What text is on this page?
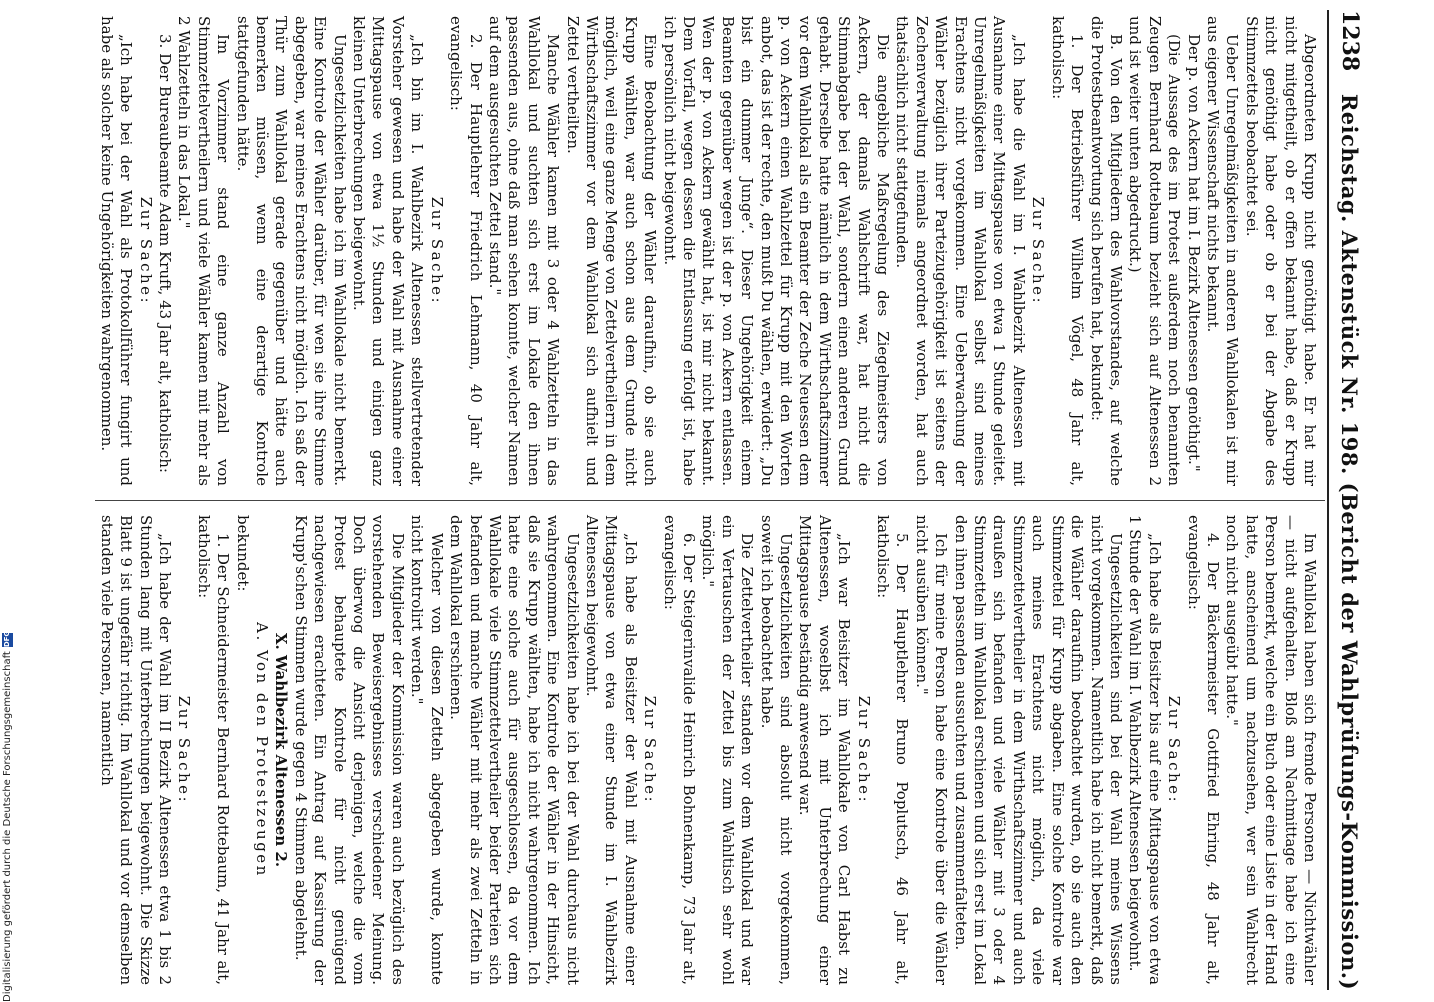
1238
Reichstag. Aktenstück Nr. 198. (Bericht der Wahlprüfungs-Kommission.)

Abgeordneten Krupp nicht genöthigt habe. Er hat mir nicht mitgetheilt, ob er offen bekannt habe, daß er Krupp nicht genöthigt habe oder ob er bei der Abgabe des Stimmzettels beobachtet sei.

Ueber Unregelmäßigkeiten in anderen Wahllokalen ist mir aus eigener Wissenschaft nichts bekannt.

Der p. von Ackern hat im I. Bezirk Altenessen genöthigt."

(Die Aussage des im Protest außerdem noch benannten Zeugen Bernhard Rottebaum bezieht sich auf Altenessen 2 und ist weiter unten abgedruckt.)

B. Von den Mitgliedern des Wahlvorstandes, auf welche die Protestbeantwortung sich berufen hat, bekundet:

1. Der Betriebsführer Wilhelm Vögel, 48 Jahr alt, katholisch:

Zur Sache:

„Ich habe die Wahl im I. Wahlbezirk Altenessen mit Ausnahme einer Mittagspause von etwa 1 Stunde geleitet. Unregelmäßigkeiten im Wahllokal selbst sind meines Erachtens nicht vorgekommen. Eine Ueberwachung der Wähler bezüglich ihrer Parteizugehörigkeit ist seitens der Zechenverwaltung niemals angeordnet worden, hat auch thatsächlich nicht stattgefunden.

Die angebliche Maßregelung des Ziegelmeisters von Ackern, der damals Wahlschrift war, hat nicht die Stimmabgabe bei der Wahl, sondern einen anderen Grund gehabt. Derselbe hatte nämlich in dem Wirthschaftszimmer vor dem Wahllokal als ein Beamter der Zeche Neuessen dem p. von Ackern einen Wahlzettel für Krupp mit den Worten anbot, das ist der rechte, den mußt Du wählen, erwidert: „Du bist ein dummer Junge“. Dieser Ungehörigkeit einem Beamten gegenüber wegen ist der p. von Ackern entlassen. Wen der p. von Ackern gewählt hat, ist mir nicht bekannt. Dem Vorfall, wegen dessen die Entlassung erfolgt ist, habe ich persönlich nicht beigewohnt.

Eine Beobachtung der Wähler daraufhin, ob sie auch Krupp wählten, war auch schon aus dem Grunde nicht möglich, weil eine ganze Menge von Zettelvertheilern in dem Wirthschaftszimmer vor dem Wahllokal sich aufhielt und Zettel vertheilten.

Manche Wähler kamen mit 3 oder 4 Wahlzetteln in das Wahllokal und suchten sich erst im Lokale den ihnen passenden aus, ohne daß man sehen konnte, welcher Namen auf dem ausgesuchten Zettel stand."

2. Der Hauptlehrer Friedrich Lehmann, 40 Jahr alt, evangelisch:

Zur Sache:

„Ich bin im I. Wahlbezirk Altenessen stellvertretender Vorsteher gewesen und habe der Wahl mit Ausnahme einer Mittagspause von etwa 1½ Stunden und einigen ganz kleinen Unterbrechungen beigewohnt.

Ungesetzlichkeiten habe ich im Wahllokale nicht bemerkt. Eine Kontrole der Wähler darüber, für wen sie ihre Stimme abgegeben, war meines Erachtens nicht möglich. Ich saß der Thür zum Wahllokal gerade gegenüber und hätte auch bemerken müssen, wenn eine derartige Kontrole stattgefunden hätte.

Im Vorzimmer stand eine ganze Anzahl von Stimmzettelvertheilern und viele Wähler kamen mit mehr als 2 Wahlzetteln in das Lokal."

3. Der Bureaubeamte Adam Kruft, 43 Jahr alt, katholisch:

Zur Sache:

„Ich habe bei der Wahl als Protokollführer fungirt und habe als solcher keine Ungehörigkeiten wahrgenommen.

Im Wahllokal haben sich fremde Personen — Nichtwähler — nicht aufgehalten. Bloß am Nachmittage habe ich eine Person bemerkt, welche ein Buch oder eine Liste in der Hand hatte, anscheinend um nachzusehen, wer sein Wahlrecht noch nicht ausgeübt hatte."

4. Der Bäckermeister Gottfried Ehring, 48 Jahr alt, evangelisch:

Zur Sache:

„Ich habe als Beisitzer bis auf eine Mittagspause von etwa 1 Stunde der Wahl im I. Wahlbezirk Altenessen beigewohnt.

Ungesetzlichkeiten sind bei der Wahl meines Wissens nicht vorgekommen. Namentlich habe ich nicht bemerkt, daß die Wähler daraufhin beobachtet wurden, ob sie auch den Stimmzettel für Krupp abgaben. Eine solche Kontrole war auch meines Erachtens nicht möglich, da viele Stimmzettelvertheiler in dem Wirthschaftszimmer und auch draußen sich befanden und viele Wähler mit 3 oder 4 Stimmzetteln im Wahllokal erschienen und sich erst im Lokal den ihnen passenden aussuchten und zusammenfalteten.

Ich für meine Person habe eine Kontrole über die Wähler nicht ausüben können."

5. Der Hauptlehrer Bruno Poplutsch, 46 Jahr alt, katholisch:

Zur Sache:

„Ich war Beisitzer im Wahllokale von Carl Habst zu Altenessen, woselbst ich mit Unterbrechung einer Mittagspause beständig anwesend war.

Ungesetzlichkeiten sind absolut nicht vorgekommen, soweit ich beobachtet habe.

Die Zettelvertheiler standen vor dem Wahllokal und war ein Vertauschen der Zettel bis zum Wahltisch sehr wohl möglich."

6. Der Steigerinvalide Heinrich Bohnenkamp, 73 Jahr alt, evangelisch:

Zur Sache:

„Ich habe als Beisitzer der Wahl mit Ausnahme einer Mittagspause von etwa einer Stunde im I. Wahlbezirk Altenessen beigewohnt.

Ungesetzlichkeiten habe ich bei der Wahl durchaus nicht wahrgenommen. Eine Kontrole der Wähler in der Hinsicht, daß sie Krupp wählten, habe ich nicht wahrgenommen. Ich hatte eine solche auch für ausgeschlossen, da vor dem Wahllokale viele Stimmzettelvertheiler beider Parteien sich befanden und manche Wähler mit mehr als zwei Zetteln in dem Wahllokal erschienen.

Welcher von diesen Zetteln abgegeben wurde, konnte nicht kontrolirt werden."

Die Mitglieder der Kommission waren auch bezüglich des vorstehenden Beweisergebnisses verschiedener Meinung. Doch überwog die Ansicht derjenigen, welche die vom Protest behauptete Kontrole für nicht genügend nachgewiesen erachteten. Ein Antrag auf Kassirung der Krupp'schen Stimmen wurde gegen 4 Stimmen abgelehnt.

X. Wahlbezirk Altenessen 2.

A. Von den Protestzeugen

bekundet:

1. Der Schneidermeister Bernhard Rottebaum, 41 Jahr alt, katholisch:

Zur Sache:

„Ich habe der Wahl im II Bezirk Altenessen etwa 1 bis 2 Stunden lang mit Unterbrechungen beigewohnt. Die Skizze Blatt 9 ist ungefähr richtig. Im Wahllokal und vor demselben standen viele Personen, namentlich

Digitalisierung gefördert durch die Deutsche Forschungsgemeinschaft
DFG
